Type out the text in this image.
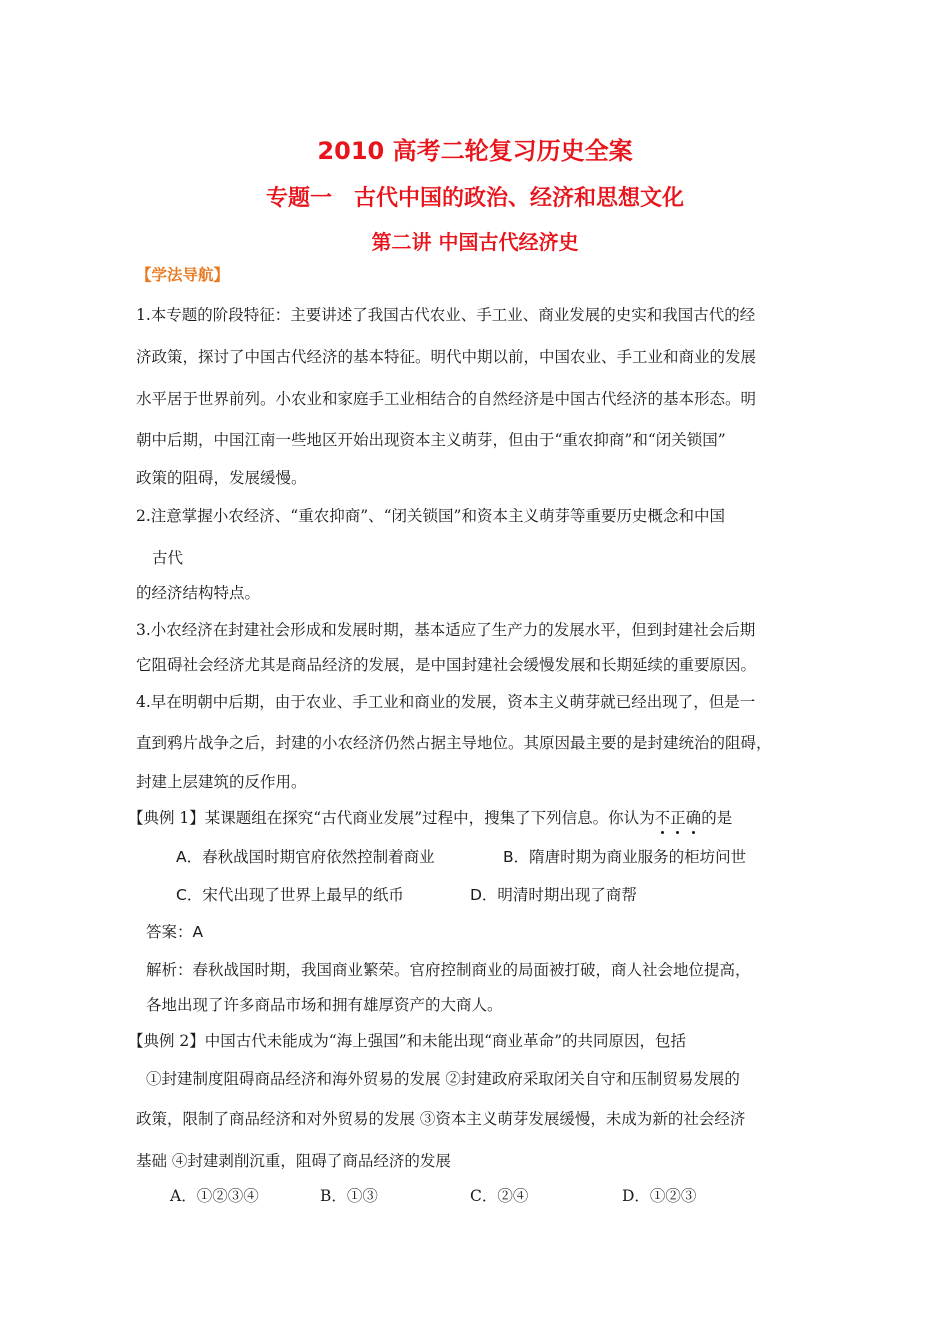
2010 高考二轮复习历史全案
专题一　古代中国的政治、经济和思想文化
第二讲 中国古代经济史
【学法导航】
1.本专题的阶段特征：主要讲述了我国古代农业、手工业、商业发展的史实和我国古代的经
济政策，探讨了中国古代经济的基本特征。明代中期以前，中国农业、手工业和商业的发展
水平居于世界前列。小农业和家庭手工业相结合的自然经济是中国古代经济的基本形态。明
朝中后期，中国江南一些地区开始出现资本主义萌芽，但由于“重农抑商”和“闭关锁国”
政策的阻碍，发展缓慢。
2.注意掌握小农经济、“重农抑商”、“闭关锁国”和资本主义萌芽等重要历史概念和中国
古代
的经济结构特点。
3.小农经济在封建社会形成和发展时期，基本适应了生产力的发展水平，但到封建社会后期
它阻碍社会经济尤其是商品经济的发展，是中国封建社会缓慢发展和长期延续的重要原因。
4.早在明朝中后期，由于农业、手工业和商业的发展，资本主义萌芽就已经出现了，但是一
直到鸦片战争之后，封建的小农经济仍然占据主导地位。其原因最主要的是封建统治的阻碍，
封建上层建筑的反作用。
【典例 1】某课题组在探究“古代商业发展”过程中，搜集了下列信息。你认为不正确的是
A．春秋战国时期官府依然控制着商业	B．隋唐时期为商业服务的柜坊问世
C．宋代出现了世界上最早的纸币	D．明清时期出现了商帮
答案：A
解析：春秋战国时期，我国商业繁荣。官府控制商业的局面被打破，商人社会地位提高，
各地出现了许多商品市场和拥有雄厚资产的大商人。
【典例 2】中国古代未能成为“海上强国”和未能出现“商业革命”的共同原因，包括
①封建制度阻碍商品经济和海外贸易的发展 ②封建政府采取闭关自守和压制贸易发展的
政策，限制了商品经济和对外贸易的发展 ③资本主义萌芽发展缓慢，未成为新的社会经济
基础 ④封建剥削沉重，阻碍了商品经济的发展
A．①②③④	B．①③	C．②④	D．①②③
